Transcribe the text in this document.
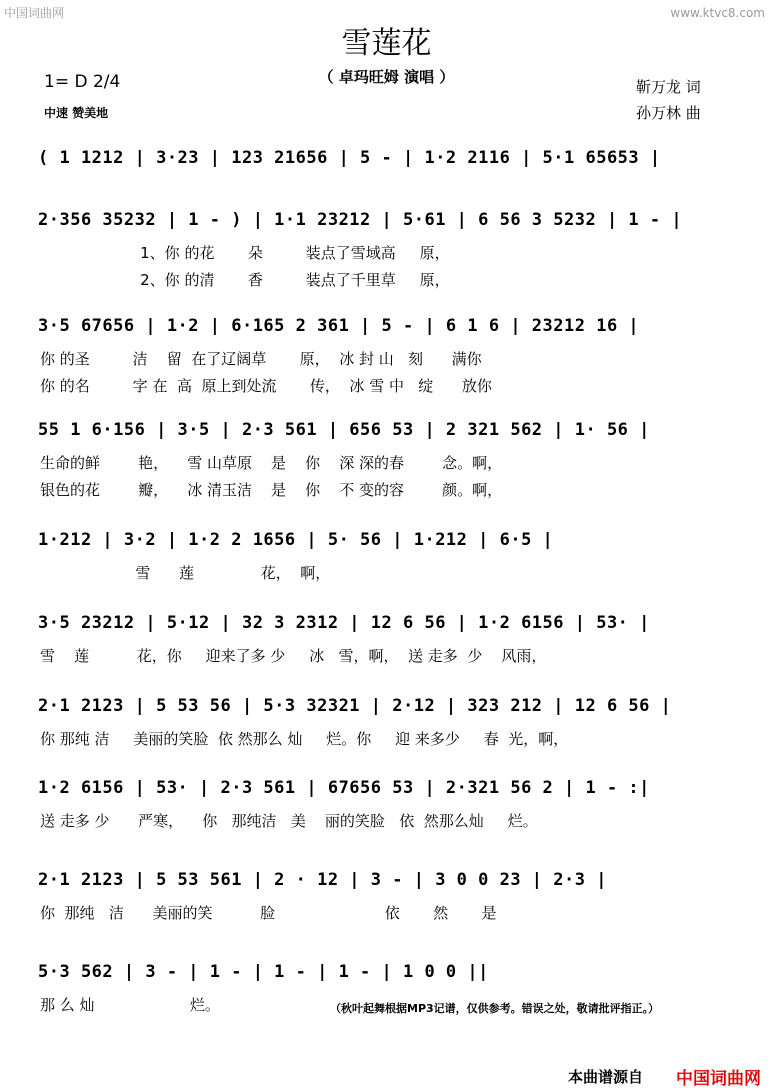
中国词曲网	www.ktvc8.com
雪莲花
（ 卓玛旺姆 演唱 ）
1= D 2/4
中速 赞美地
靳万龙 词
孙万林 曲
( 1 1212 | 3·23 | 123 21656 | 5 - | 1·2 2116 | 5·1 65653 |
2·356 35232 | 1 - ) | 1·1 23212 | 5·61 | 6 56 3 5232 | 1 - |
1、你 的花       朵         装点了雪域高     原，
2、你 的清       香         装点了千里草     原，
3·5 67656 | 1·2 | 6·165 2 361 | 5 - | 6 1 6 | 23212 16 |
你 的圣         洁    留  在了辽阔草       原，  冰 封 山   刻      满你
你 的名         字 在  高  原上到处流       传，  冰 雪 中   绽      放你
55 1 6·156 | 3·5 | 2·3 561 | 656 53 | 2 321 562 | 1· 56 |
生命的鲜        艳，    雪 山草原    是    你    深 深的春        念。啊，
银色的花        瓣，    冰 清玉洁    是    你    不 变的容        颜。啊，
1·212 | 3·2 | 1·2 2 1656 | 5· 56 | 1·212 | 6·5 |
雪      莲              花，  啊，
3·5 23212 | 5·12 | 32 3 2312 | 12 6 56 | 1·2 6156 | 53· |
雪    莲          花，你     迎来了多 少     冰   雪，啊，  送 走多  少    风雨，
2·1 2123 | 5 53 56 | 5·3 32321 | 2·12 | 323 212 | 12 6 56 |
你 那纯 洁     美丽的笑脸  依 然那么 灿     烂。你     迎 来多少     春  光，啊，
1·2 6156 | 53· | 2·3 561 | 67656 53 | 2·321 56 2 | 1 - :|
送 走多 少      严寒，    你   那纯洁   美    丽的笑脸   依  然那么灿     烂。
2·1 2123 | 5 53 561 | 2 · 12 | 3 - | 3 0 0 23 | 2·3 |
你  那纯   洁      美丽的笑          脸                       依       然       是
5·3 562 | 3 - | 1 - | 1 - | 1 - | 1 0 0 ||
那 么 灿                    烂。	（秋叶起舞根据MP3记谱，仅供参考。错误之处，敬请批评指正。）
本曲谱源自 中国词曲网
